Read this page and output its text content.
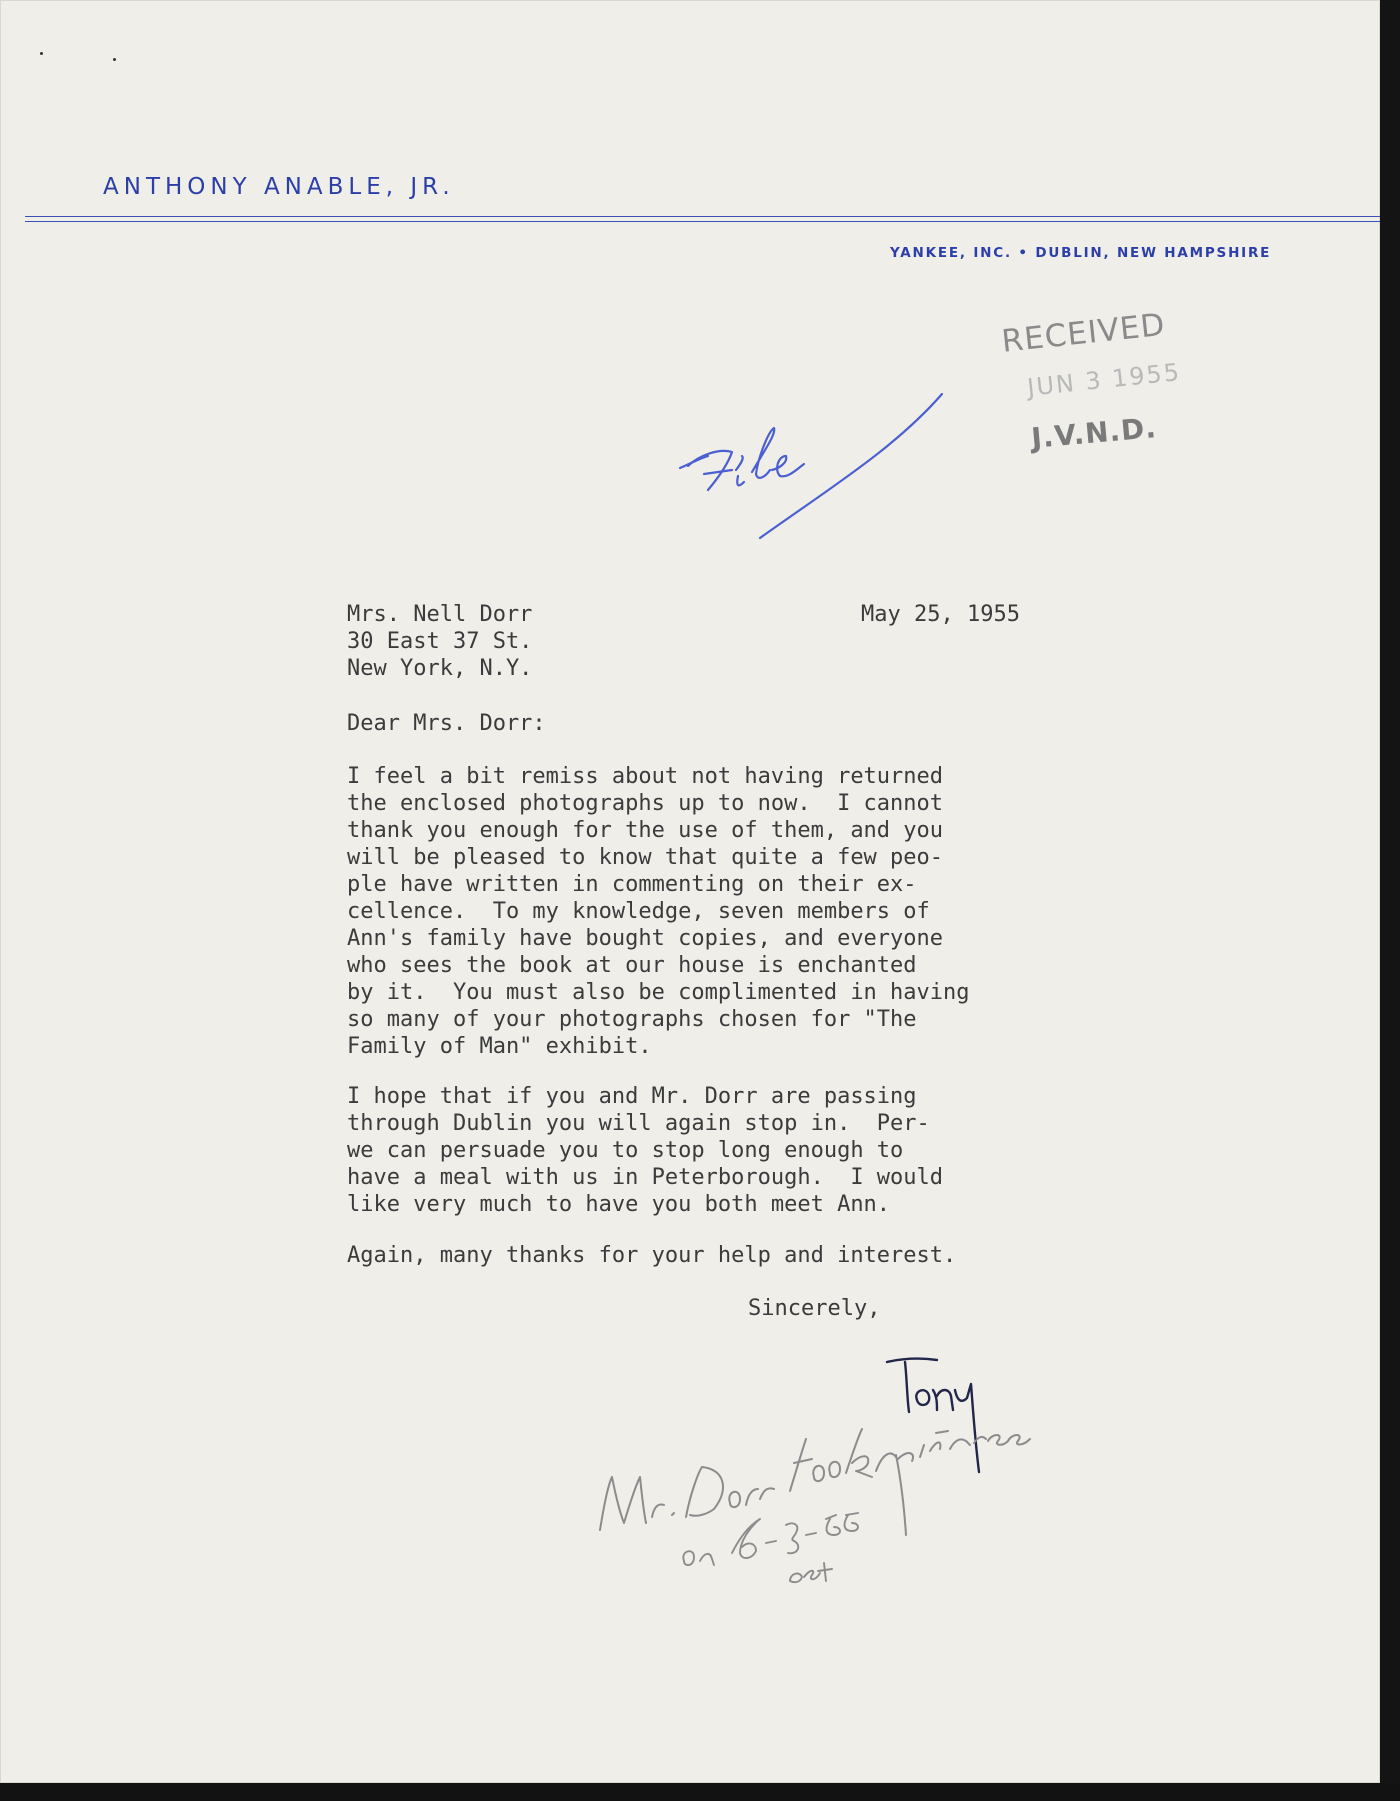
ANTHONY ANABLE, JR.
YANKEE, INC. • DUBLIN, NEW HAMPSHIRE
RECEIVED
JUN 3 1955
J.V.N.D.
Mrs. Nell Dorr
30 East 37 St.
New York, N.Y.
May 25, 1955
Dear Mrs. Dorr:
I feel a bit remiss about not having returned
the enclosed photographs up to now.  I cannot
thank you enough for the use of them, and you
will be pleased to know that quite a few peo-
ple have written in commenting on their ex-
cellence.  To my knowledge, seven members of
Ann's family have bought copies, and everyone
who sees the book at our house is enchanted
by it.  You must also be complimented in having
so many of your photographs chosen for "The
Family of Man" exhibit.
I hope that if you and Mr. Dorr are passing
through Dublin you will again stop in.  Per-
we can persuade you to stop long enough to
have a meal with us in Peterborough.  I would
like very much to have you both meet Ann.
Again, many thanks for your help and interest.
Sincerely,
